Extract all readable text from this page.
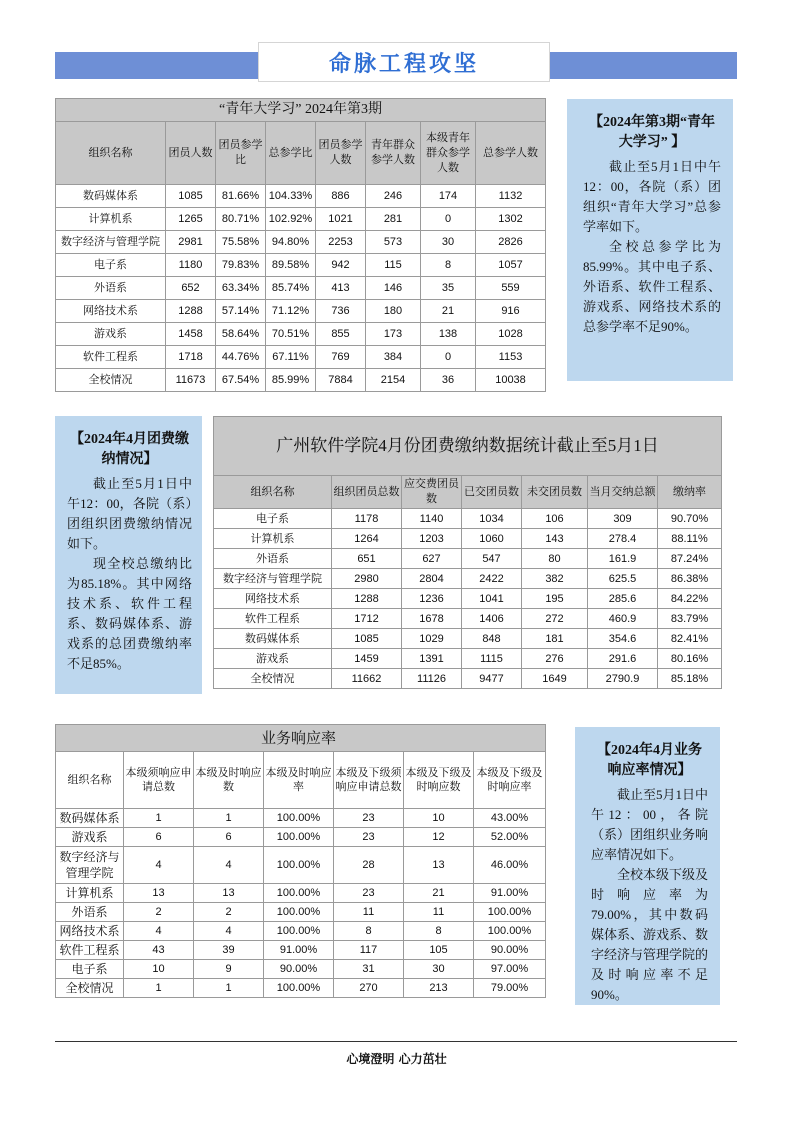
命脉工程攻坚
“青年大学习” 2024年第3期
组织名称	团员人数	团员参学比	总参学比	团员参学人数	青年群众参学人数	本级青年群众参学人数	总参学人数
数码媒体系	1085	81.66%	104.33%	886	246	174	1132
计算机系	1265	80.71%	102.92%	1021	281	0	1302
数字经济与管理学院	2981	75.58%	94.80%	2253	573	30	2826
电子系	1180	79.83%	89.58%	942	115	8	1057
外语系	652	63.34%	85.74%	413	146	35	559
网络技术系	1288	57.14%	71.12%	736	180	21	916
游戏系	1458	58.64%	70.51%	855	173	138	1028
软件工程系	1718	44.76%	67.11%	769	384	0	1153
全校情况	11673	67.54%	85.99%	7884	2154	36	10038
【2024年第3期“青年大学习” 】

截止至5月1日中午12：00，各院（系）团组织“青年大学习”总参学率如下。

全校总参学比为85.99%。其中电子系、外语系、软件工程系、游戏系、网络技术系的总参学率不足90%。

【2024年4月团费缴纳情况】

截止至5月1日中午12：00，各院（系）团组织团费缴纳情况如下。

现全校总缴纳比为85.18%。其中网络技术系、软件工程系、数码媒体系、游戏系的总团费缴纳率不足85%。

广州软件学院4月份团费缴纳数据统计截止至5月1日
组织名称	组织团员总数	应交费团员数	已交团员数	未交团员数	当月交纳总额	缴纳率
电子系	1178	1140	1034	106	309	90.70%
计算机系	1264	1203	1060	143	278.4	88.11%
外语系	651	627	547	80	161.9	87.24%
数字经济与管理学院	2980	2804	2422	382	625.5	86.38%
网络技术系	1288	1236	1041	195	285.6	84.22%
软件工程系	1712	1678	1406	272	460.9	83.79%
数码媒体系	1085	1029	848	181	354.6	82.41%
游戏系	1459	1391	1115	276	291.6	80.16%
全校情况	11662	11126	9477	1649	2790.9	85.18%
业务响应率
组织名称	本级须响应申请总数	本级及时响应数	本级及时响应率	本级及下级须响应申请总数	本级及下级及时响应数	本级及下级及时响应率
数码媒体系	1	1	100.00%	23	10	43.00%
游戏系	6	6	100.00%	23	12	52.00%
数字经济与管理学院	4	4	100.00%	28	13	46.00%
计算机系	13	13	100.00%	23	21	91.00%
外语系	2	2	100.00%	11	11	100.00%
网络技术系	4	4	100.00%	8	8	100.00%
软件工程系	43	39	91.00%	117	105	90.00%
电子系	10	9	90.00%	31	30	97.00%
全校情况	1	1	100.00%	270	213	79.00%
【2024年4月业务响应率情况】

截止至5月1日中午12：00，各院（系）团组织业务响应率情况如下。

全校本级下级及时响应率为79.00%，其中数码媒体系、游戏系、数字经济与管理学院的及时响应率不足90%。

心境澄明 心力茁壮
